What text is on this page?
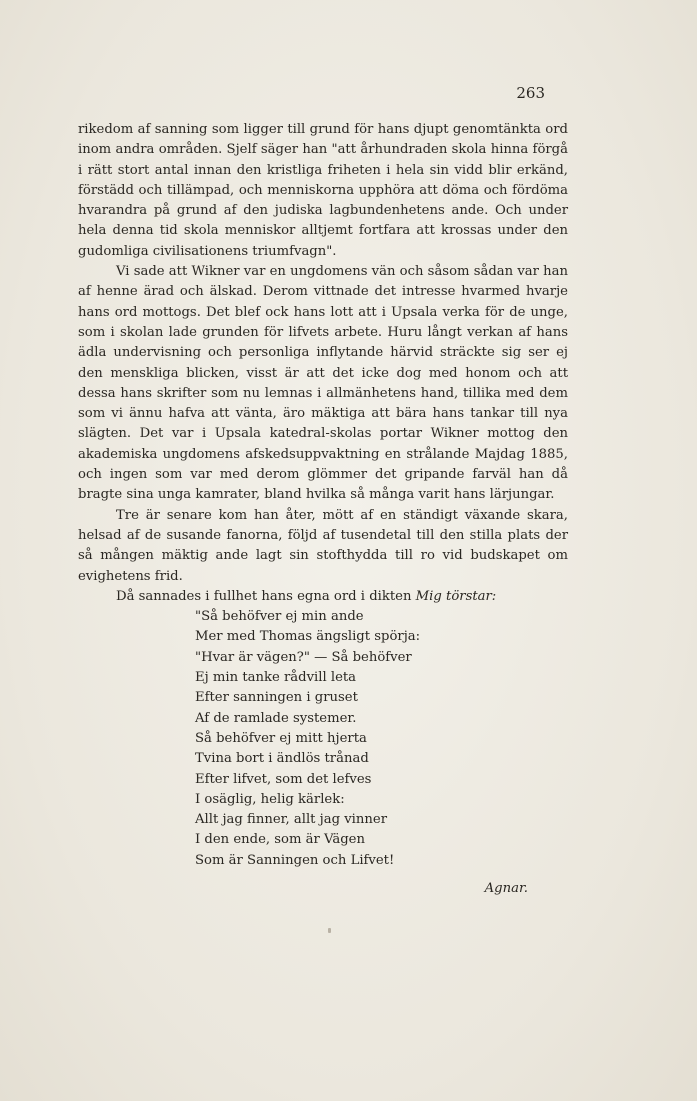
263

rikedom af sanning som ligger till grund för hans djupt genomtänkta ord inom andra områden. Sjelf säger han "att århundraden skola hinna förgå i rätt stort antal innan den kristliga friheten i hela sin vidd blir erkänd, förstädd och tillämpad, och menniskorna upphöra att döma och fördöma hvarandra på grund af den judiska lagbundenhetens ande. Och under hela denna tid skola menniskor alltjemt fortfara att krossas under den gudomliga civilisationens triumfvagn".

Vi sade att Wikner var en ungdomens vän och såsom sådan var han af henne ärad och älskad. Derom vittnade det intresse hvarmed hvarje hans ord mottogs. Det blef ock hans lott att i Upsala verka för de unge, som i skolan lade grunden för lifvets arbete. Huru långt verkan af hans ädla undervisning och personliga inflytande härvid sträckte sig ser ej den menskliga blicken, visst är att det icke dog med honom och att dessa hans skrifter som nu lemnas i allmänhetens hand, tillika med dem som vi ännu hafva att vänta, äro mäktiga att bära hans tankar till nya slägten. Det var i Upsala katedral-skolas portar Wikner mottog den akademiska ungdomens afskedsuppvaktning en strålande Majdag 1885, och ingen som var med derom glömmer det gripande farväl han då bragte sina unga kamrater, bland hvilka så många varit hans lärjungar.

Tre är senare kom han åter, mött af en ständigt växande skara, helsad af de susande fanorna, följd af tusendetal till den stilla plats der så mången mäktig ande lagt sin stofthydda till ro vid budskapet om evighetens frid.

Då sannades i fullhet hans egna ord i dikten Mig törstar:

"Så behöfver ej min ande
Mer med Thomas ängsligt spörja:
"Hvar är vägen?" — Så behöfver
Ej min tanke rådvill leta
Efter sanningen i gruset
Af de ramlade systemer.
Så behöfver ej mitt hjerta
Tvina bort i ändlös trånad
Efter lifvet, som det lefves
I osäglig, helig kärlek:
Allt jag finner, allt jag vinner
I den ende, som är Vägen
Som är Sanningen och Lifvet!
Agnar.
